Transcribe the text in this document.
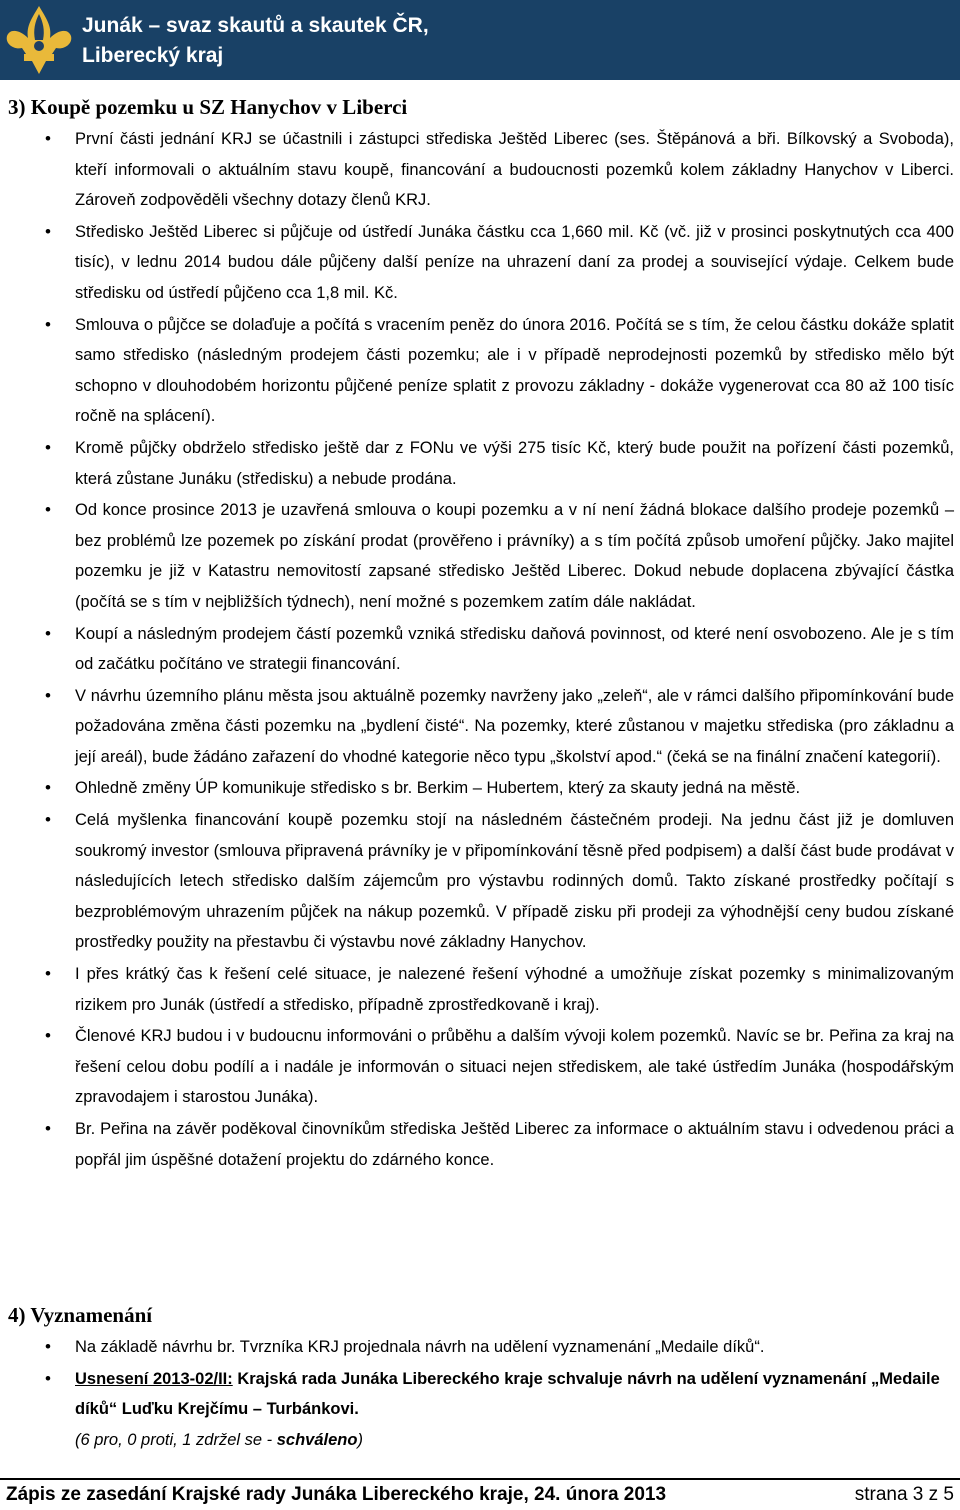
Junák – svaz skautů a skautek ČR,
Liberecký kraj
3) Koupě pozemku u SZ Hanychov v Liberci
• První části jednání KRJ se účastnili i zástupci střediska Ještěd Liberec (ses. Štěpánová a bři. Bílkovský a Svoboda), kteří informovali o aktuálním stavu koupě, financování a budoucnosti pozemků kolem základny Hanychov v Liberci. Zároveň zodpověděli všechny dotazy členů KRJ.
• Středisko Ještěd Liberec si půjčuje od ústředí Junáka částku cca 1,660 mil. Kč (vč. již v prosinci poskytnutých cca 400 tisíc), v lednu 2014 budou dále půjčeny další peníze na uhrazení daní za prodej a související výdaje. Celkem bude středisku od ústředí půjčeno cca 1,8 mil. Kč.
• Smlouva o půjčce se dolaďuje a počítá s vracením peněz do února 2016. Počítá se s tím, že celou částku dokáže splatit samo středisko (následným prodejem části pozemku; ale i v případě neprodejnosti pozemků by středisko mělo být schopno v dlouhodobém horizontu půjčené peníze splatit z provozu základny - dokáže vygenerovat cca 80 až 100 tisíc ročně na splácení).
• Kromě půjčky obdrželo středisko ještě dar z FONu ve výši 275 tisíc Kč, který bude použit na pořízení části pozemků, která zůstane Junáku (středisku) a nebude prodána.
• Od konce prosince 2013 je uzavřená smlouva o koupi pozemku a v ní není žádná blokace dalšího prodeje pozemků – bez problémů lze pozemek po získání prodat (prověřeno i právníky) a s tím počítá způsob umoření půjčky. Jako majitel pozemku je již v Katastru nemovitostí zapsané středisko Ještěd Liberec. Dokud nebude doplacena zbývající částka (počítá se s tím v nejbližších týdnech), není možné s pozemkem zatím dále nakládat.
• Koupí a následným prodejem částí pozemků vzniká středisku daňová povinnost, od které není osvobozeno. Ale je s tím od začátku počítáno ve strategii financování.
• V návrhu územního plánu města jsou aktuálně pozemky navrženy jako „zeleň“, ale v rámci dalšího připomínkování bude požadována změna části pozemku na „bydlení čisté“. Na pozemky, které zůstanou v majetku střediska (pro základnu a její areál), bude žádáno zařazení do vhodné kategorie něco typu „školství apod.“ (čeká se na finální značení kategorií).
• Ohledně změny ÚP komunikuje středisko s br. Berkim – Hubertem, který za skauty jedná na městě.
• Celá myšlenka financování koupě pozemku stojí na následném částečném prodeji. Na jednu část již je domluven soukromý investor (smlouva připravená právníky je v připomínkování těsně před podpisem) a další část bude prodávat v následujících letech středisko dalším zájemcům pro výstavbu rodinných domů. Takto získané prostředky počítají s bezproblémovým uhrazením půjček na nákup pozemků. V případě zisku při prodeji za výhodnější ceny budou získané prostředky použity na přestavbu či výstavbu nové základny Hanychov.
• I přes krátký čas k řešení celé situace, je nalezené řešení výhodné a umožňuje získat pozemky s minimalizovaným rizikem pro Junák (ústředí a středisko, případně zprostředkovaně i kraj).
• Členové KRJ budou i v budoucnu informováni o průběhu a dalším vývoji kolem pozemků. Navíc se br. Peřina za kraj na řešení celou dobu podílí a i nadále je informován o situaci nejen střediskem, ale také ústředím Junáka (hospodářským zpravodajem i starostou Junáka).
• Br. Peřina na závěr poděkoval činovníkům střediska Ještěd Liberec za informace o aktuálním stavu i odvedenou práci a popřál jim úspěšné dotažení projektu do zdárného konce.
4) Vyznamenání
• Na základě návrhu br. Tvrzníka KRJ projednala návrh na udělení vyznamenání „Medaile díků“.
• Usnesení 2013-02/II: Krajská rada Junáka Libereckého kraje schvaluje návrh na udělení vyznamenání „Medaile díků“ Luďku Krejčímu – Turbánkovi.
(6 pro, 0 proti, 1 zdržel se - schváleno)
Zápis ze zasedání Krajské rady Junáka Libereckého kraje, 24. února 2013	strana 3 z 5
